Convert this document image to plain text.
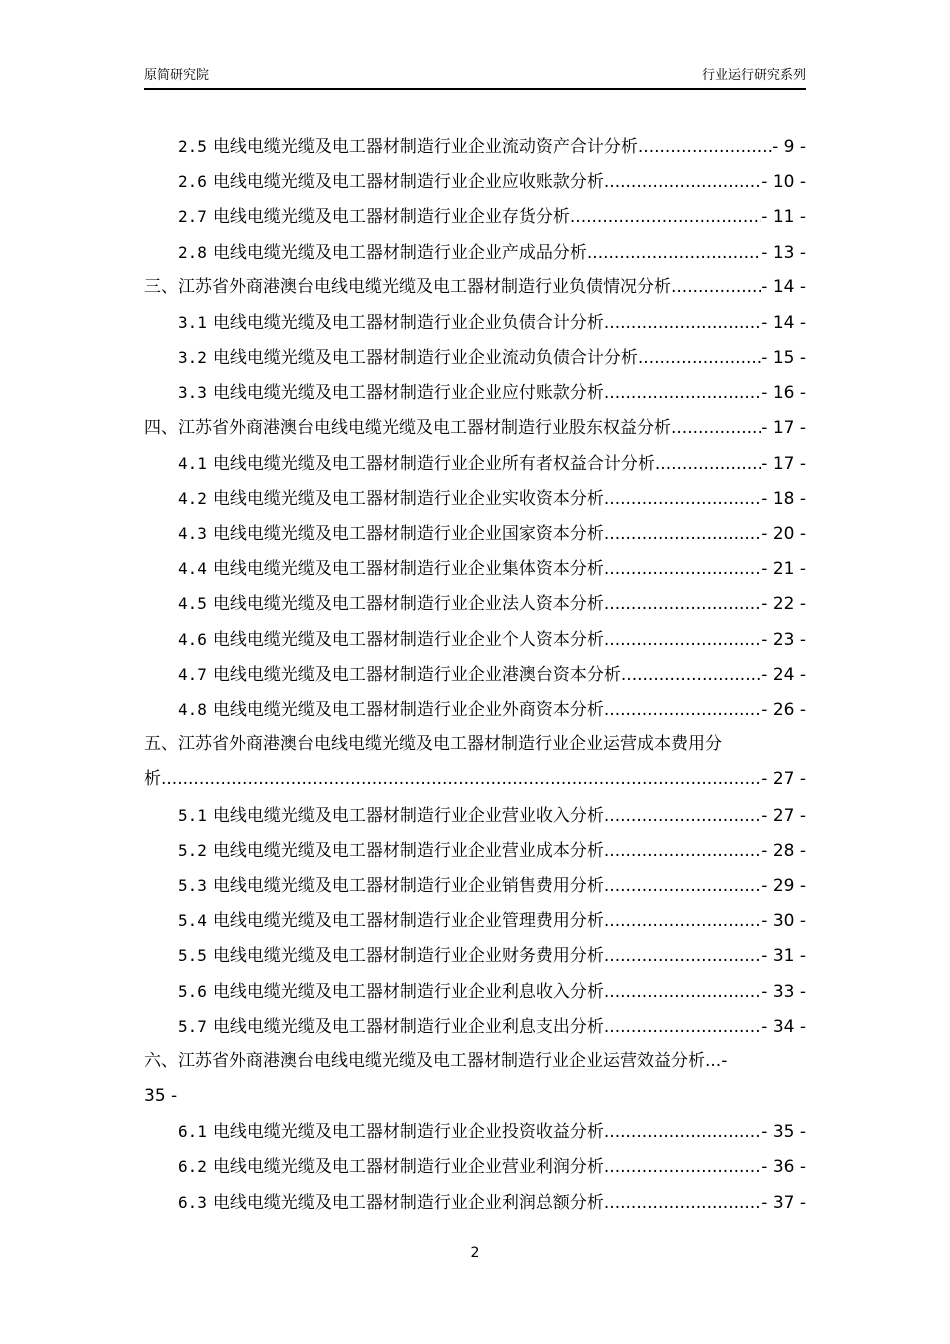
原简研究院	行业运行研究系列
2.5 电线电缆光缆及电工器材制造行业企业流动资产合计分析 .....	- 9 -
2.6 电线电缆光缆及电工器材制造行业企业应收账款分析 .....	- 10 -
2.7 电线电缆光缆及电工器材制造行业企业存货分析 .....	- 11 -
2.8 电线电缆光缆及电工器材制造行业企业产成品分析 .....	- 13 -
三、江苏省外商港澳台电线电缆光缆及电工器材制造行业负债情况分析 .....	- 14 -
3.1 电线电缆光缆及电工器材制造行业企业负债合计分析 .....	- 14 -
3.2 电线电缆光缆及电工器材制造行业企业流动负债合计分析 .....	- 15 -
3.3 电线电缆光缆及电工器材制造行业企业应付账款分析 .....	- 16 -
四、江苏省外商港澳台电线电缆光缆及电工器材制造行业股东权益分析 .....	- 17 -
4.1 电线电缆光缆及电工器材制造行业企业所有者权益合计分析 .....	- 17 -
4.2 电线电缆光缆及电工器材制造行业企业实收资本分析 .....	- 18 -
4.3 电线电缆光缆及电工器材制造行业企业国家资本分析 .....	- 20 -
4.4 电线电缆光缆及电工器材制造行业企业集体资本分析 .....	- 21 -
4.5 电线电缆光缆及电工器材制造行业企业法人资本分析 .....	- 22 -
4.6 电线电缆光缆及电工器材制造行业企业个人资本分析 .....	- 23 -
4.7 电线电缆光缆及电工器材制造行业企业港澳台资本分析 .....	- 24 -
4.8 电线电缆光缆及电工器材制造行业企业外商资本分析 .....	- 26 -
五、江苏省外商港澳台电线电缆光缆及电工器材制造行业企业运营成本费用分
析 .....	- 27 -
5.1 电线电缆光缆及电工器材制造行业企业营业收入分析 .....	- 27 -
5.2 电线电缆光缆及电工器材制造行业企业营业成本分析 .....	- 28 -
5.3 电线电缆光缆及电工器材制造行业企业销售费用分析 .....	- 29 -
5.4 电线电缆光缆及电工器材制造行业企业管理费用分析 .....	- 30 -
5.5 电线电缆光缆及电工器材制造行业企业财务费用分析 .....	- 31 -
5.6 电线电缆光缆及电工器材制造行业企业利息收入分析 .....	- 33 -
5.7 电线电缆光缆及电工器材制造行业企业利息支出分析 .....	- 34 -
六、江苏省外商港澳台电线电缆光缆及电工器材制造行业企业运营效益分析...-
35 -
6.1 电线电缆光缆及电工器材制造行业企业投资收益分析 .....	- 35 -
6.2 电线电缆光缆及电工器材制造行业企业营业利润分析 .....	- 36 -
6.3 电线电缆光缆及电工器材制造行业企业利润总额分析 .....	- 37 -
2
